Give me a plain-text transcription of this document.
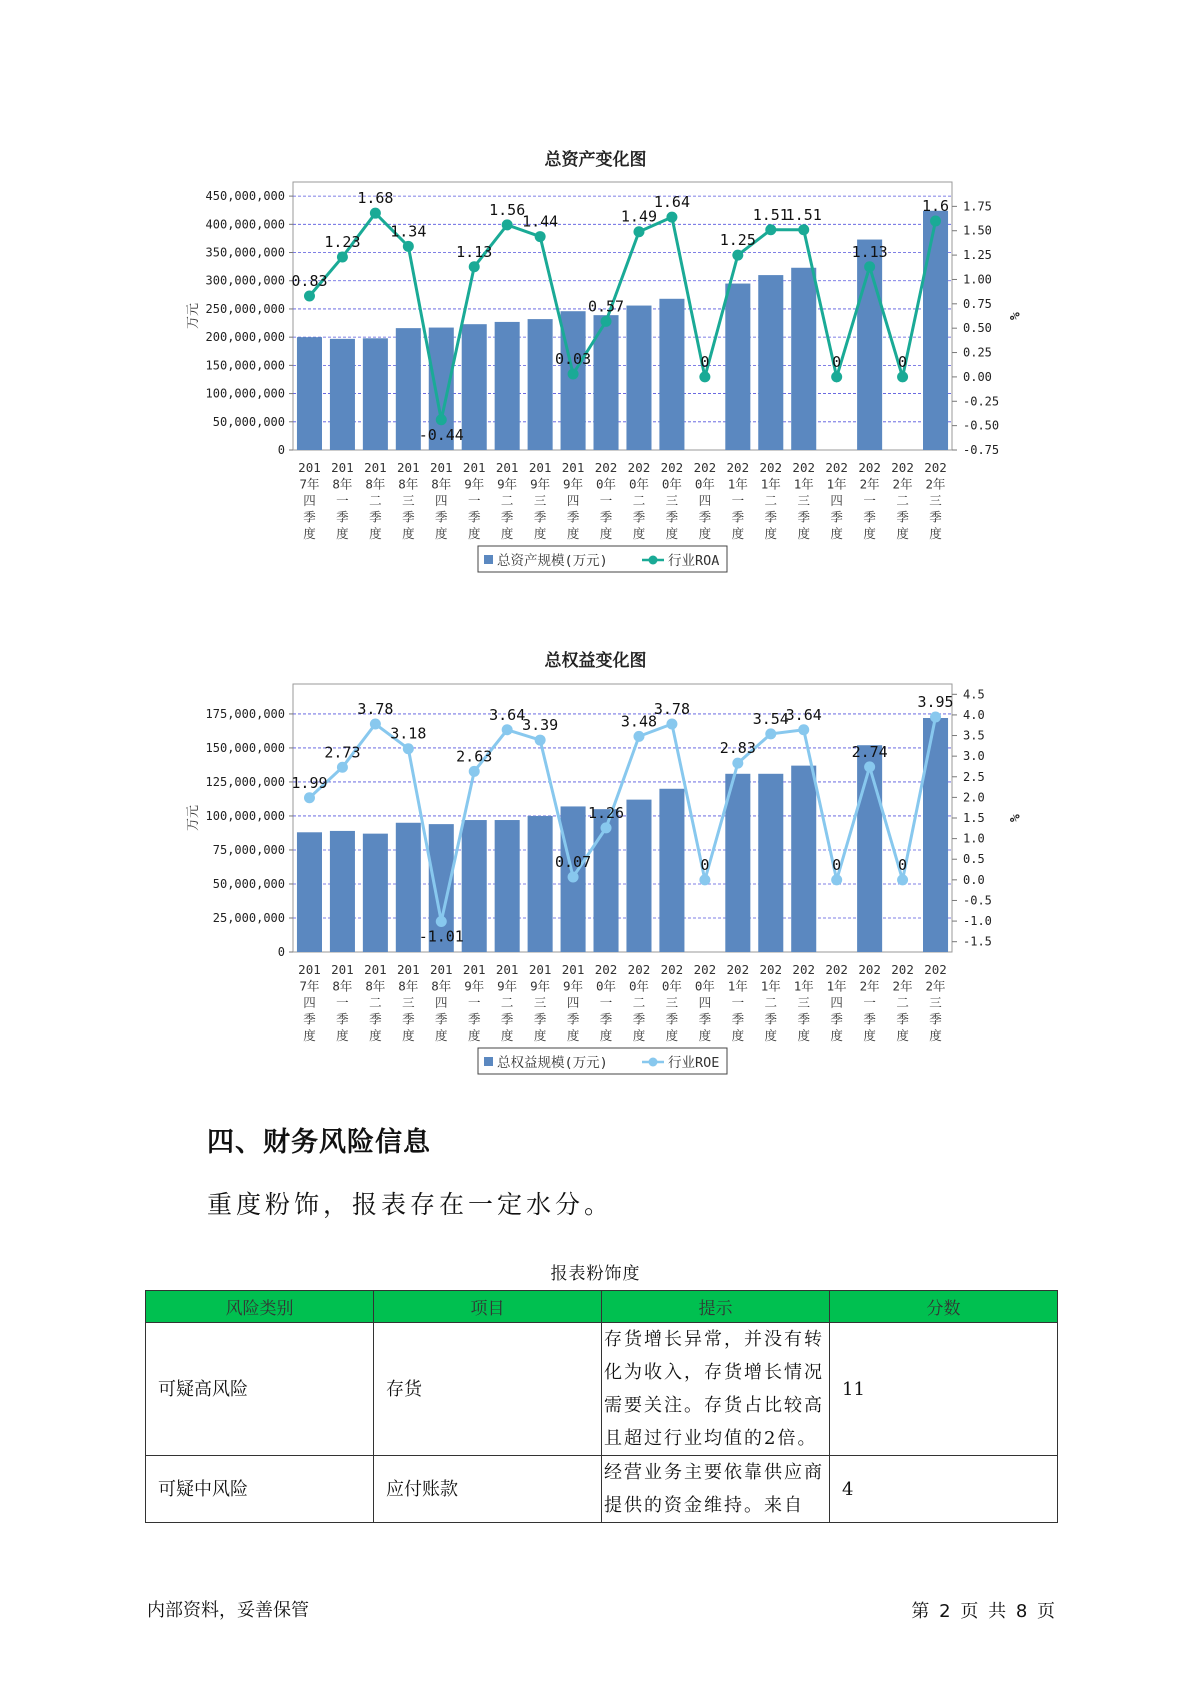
总资产变化图
0
50,000,000
100,000,000
150,000,000
200,000,000
250,000,000
300,000,000
350,000,000
400,000,000
450,000,000
万元
-0.75
-0.50
-0.25
0.00
0.25
0.50
0.75
1.00
1.25
1.50
1.75
%
201
7年
四
季
度
201
8年
一
季
度
201
8年
二
季
度
201
8年
三
季
度
201
8年
四
季
度
201
9年
一
季
度
201
9年
二
季
度
201
9年
三
季
度
201
9年
四
季
度
202
0年
一
季
度
202
0年
二
季
度
202
0年
三
季
度
202
0年
四
季
度
202
1年
一
季
度
202
1年
二
季
度
202
1年
三
季
度
202
1年
四
季
度
202
2年
一
季
度
202
2年
二
季
度
202
2年
三
季
度
0.83
1.23
1.68
1.34
-0.44
1.13
1.56
1.44
0.03
0.57
1.49
1.64
0
1.25
1.51
1.51
0
1.13
0
1.6
总资产规模(万元)	行业ROA
总权益变化图
0
25,000,000
50,000,000
75,000,000
100,000,000
125,000,000
150,000,000
175,000,000
万元
-1.5
-1.0
-0.5
0.0
0.5
1.0
1.5
2.0
2.5
3.0
3.5
4.0
4.5
%
201
7年
四
季
度
201
8年
一
季
度
201
8年
二
季
度
201
8年
三
季
度
201
8年
四
季
度
201
9年
一
季
度
201
9年
二
季
度
201
9年
三
季
度
201
9年
四
季
度
202
0年
一
季
度
202
0年
二
季
度
202
0年
三
季
度
202
0年
四
季
度
202
1年
一
季
度
202
1年
二
季
度
202
1年
三
季
度
202
1年
四
季
度
202
2年
一
季
度
202
2年
二
季
度
202
2年
三
季
度
1.99
2.73
3.78
3.18
-1.01
2.63
3.64
3.39
0.07
1.26
3.48
3.78
0
2.83
3.54
3.64
0
2.74
0
3.95
总权益规模(万元)	行业ROE
四、财务风险信息
重度粉饰，报表存在一定水分。
报表粉饰度
风险类别	项目	提示	分数
可疑高风险	存货	存货增长异常，并没有转化为收入，存货增长情况需要关注。存货占比较高且超过行业均值的2倍。	11
可疑中风险	应付账款	经营业务主要依靠供应商提供的资金维持。来自	4
内部资料，妥善保管	第 2 页 共 8 页
